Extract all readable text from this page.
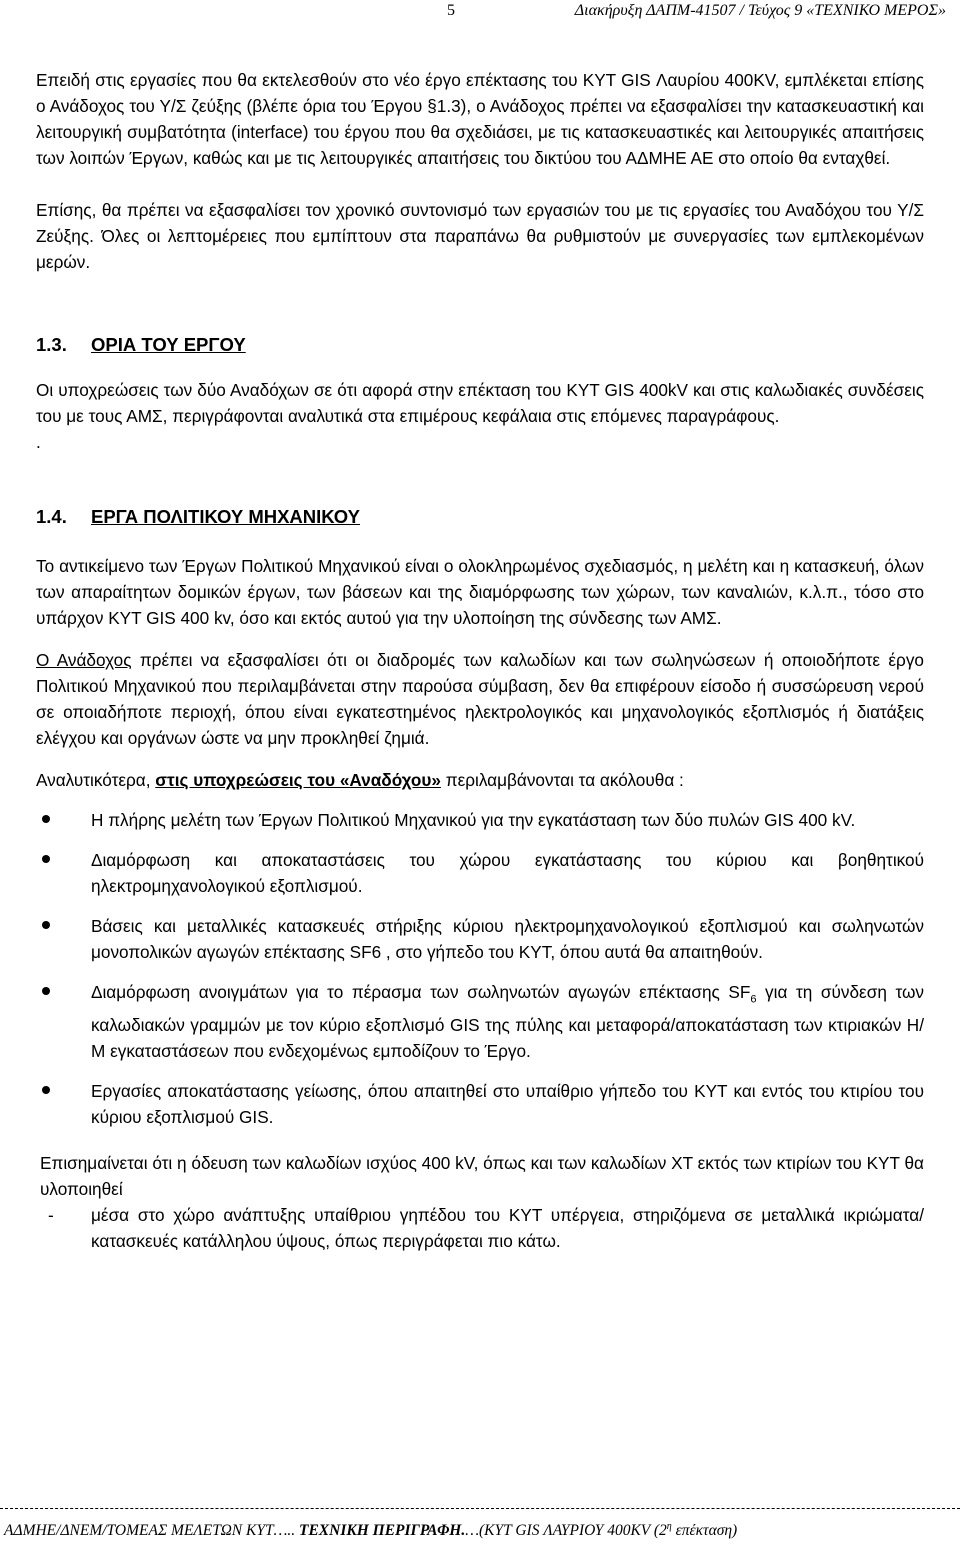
5	Διακήρυξη ΔΑΠΜ-41507 / Τεύχος 9 «ΤΕΧΝΙΚΟ ΜΕΡΟΣ»

Επειδή στις εργασίες που θα εκτελεσθούν στο νέο έργο επέκτασης του ΚΥΤ GIS Λαυρίου 400KV, εμπλέκεται επίσης ο Ανάδοχος του Υ/Σ ζεύξης (βλέπε όρια του Έργου §1.3), ο Ανάδοχος πρέπει να εξασφαλίσει την κατασκευαστική και λειτουργική συμβατότητα (interface) του έργου που θα σχεδιάσει, με τις κατασκευαστικές και λειτουργικές απαιτήσεις των λοιπών Έργων, καθώς και με τις λειτουργικές απαιτήσεις του δικτύου του ΑΔΜΗΕ ΑΕ στο οποίο θα ενταχθεί.

Επίσης, θα πρέπει να εξασφαλίσει τον χρονικό συντονισμό των εργασιών του με τις εργασίες του Αναδόχου του Υ/Σ Ζεύξης. Όλες οι λεπτομέρειες που εμπίπτουν στα παραπάνω θα ρυθμιστούν με συνεργασίες των εμπλεκομένων μερών.

1.3.	ΟΡΙΑ ΤΟΥ ΕΡΓΟΥ

Οι υποχρεώσεις των δύο Αναδόχων σε ότι αφορά στην επέκταση του ΚΥΤ GIS 400kV και στις καλωδιακές συνδέσεις του με τους ΑΜΣ, περιγράφονται αναλυτικά στα επιμέρους κεφάλαια στις επόμενες παραγράφους.

.

1.4.	ΕΡΓΑ ΠΟΛΙΤΙΚΟΥ ΜΗΧΑΝΙΚΟΥ

Το αντικείμενο των Έργων Πολιτικού Μηχανικού είναι ο ολοκληρωμένος σχεδιασμός, η μελέτη και η κατασκευή, όλων των απαραίτητων δομικών έργων, των βάσεων και της διαμόρφωσης των χώρων, των καναλιών, κ.λ.π., τόσο στο υπάρχον ΚΥΤ GIS 400 kv, όσο και εκτός αυτού για την υλοποίηση της σύνδεσης των ΑΜΣ.

Ο Ανάδοχος πρέπει να εξασφαλίσει ότι οι διαδρομές των καλωδίων και των σωληνώσεων ή οποιοδήποτε έργο Πολιτικού Μηχανικού που περιλαμβάνεται στην παρούσα σύμβαση, δεν θα επιφέρουν είσοδο ή συσσώρευση νερού σε οποιαδήποτε περιοχή, όπου είναι εγκατεστημένος ηλεκτρολογικός και μηχανολογικός εξοπλισμός ή διατάξεις ελέγχου και οργάνων ώστε να μην προκληθεί ζημιά.

Αναλυτικότερα, στις υποχρεώσεις του «Αναδόχου» περιλαμβάνονται τα ακόλουθα :

Η πλήρης μελέτη των Έργων Πολιτικού Μηχανικού για την εγκατάσταση των δύο πυλών GIS 400 kV.
Διαμόρφωση και αποκαταστάσεις του χώρου εγκατάστασης του κύριου και βοηθητικού ηλεκτρομηχανολογικού εξοπλισμού.
Βάσεις και μεταλλικές κατασκευές στήριξης κύριου ηλεκτρομηχανολογικού εξοπλισμού και σωληνωτών μονοπολικών αγωγών επέκτασης SF6 , στο γήπεδο του ΚΥΤ, όπου αυτά θα απαιτηθούν.
Διαμόρφωση ανοιγμάτων για το πέρασμα των σωληνωτών αγωγών επέκτασης $SF_6$ για τη σύνδεση των καλωδιακών γραμμών με τον κύριο εξοπλισμό GIS της πύλης και μεταφορά/αποκατάσταση των κτιριακών Η/Μ εγκαταστάσεων που ενδεχομένως εμποδίζουν το Έργο.
Εργασίες αποκατάστασης γείωσης, όπου απαιτηθεί στο υπαίθριο γήπεδο του ΚΥΤ και εντός του κτιρίου του κύριου εξοπλισμού GIS.

Επισημαίνεται ότι η όδευση των καλωδίων ισχύος 400 kV, όπως και των καλωδίων ΧΤ εκτός των κτιρίων του ΚΥΤ θα υλοποιηθεί

- μέσα στο χώρο ανάπτυξης υπαίθριου γηπέδου του ΚΥΤ υπέργεια, στηριζόμενα σε μεταλλικά ικριώματα/κατασκευές κατάλληλου ύψους, όπως περιγράφεται πιο κάτω.
ΑΔΜΗΕ/ΔΝΕΜ/ΤΟΜΕΑΣ ΜΕΛΕΤΩΝ ΚΥΤ….. ΤΕΧΝΙΚΗ ΠΕΡΙΓΡΑΦΗ.…(ΚΥΤ GIS ΛΑΥΡΙΟΥ 400KV ($2^\eta$ επέκταση)
